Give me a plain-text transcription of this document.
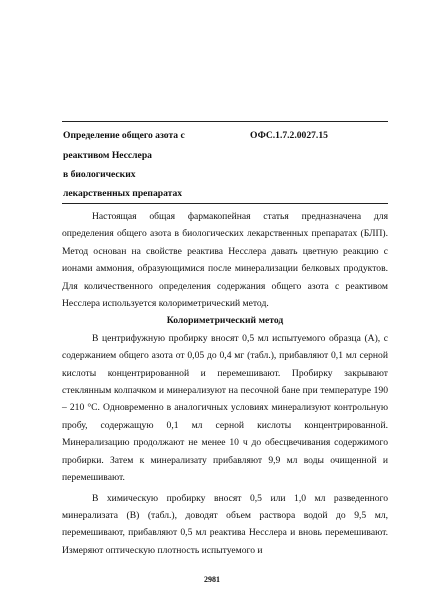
Определение общего азота с
реактивом Несслера
в биологических
лекарственных препаратах
ОФС.1.7.2.0027.15

Настоящая общая фармакопейная статья предназначена для определения общего азота в биологических лекарственных препаратах (БЛП). Метод основан на свойстве реактива Несслера давать цветную реакцию с ионами аммония, образующимися после минерализации белковых продуктов. Для количественного определения содержания общего азота с реактивом Несслера используется колориметрический метод.

Колориметрический метод

В центрифужную пробирку вносят 0,5 мл испытуемого образца (А), с содержанием общего азота от 0,05 до 0,4 мг (табл.), прибавляют 0,1 мл серной кислоты концентрированной и перемешивают. Пробирку закрывают стеклянным колпачком и минерализуют на песочной бане при температуре 190 – 210 °С. Одновременно в аналогичных условиях минерализуют контрольную пробу, содержащую 0,1 мл серной кислоты концентрированной. Минерализацию продолжают не менее 10 ч до обесцвечивания содержимого пробирки. Затем к минерализату прибавляют 9,9 мл воды очищенной и перемешивают.

В химическую пробирку вносят 0,5 или 1,0 мл разведенного минерализата (В) (табл.), доводят объем раствора водой до 9,5 мл, перемешивают, прибавляют 0,5 мл реактива Несслера и вновь перемешивают. Измеряют оптическую плотность испытуемого и

2981
